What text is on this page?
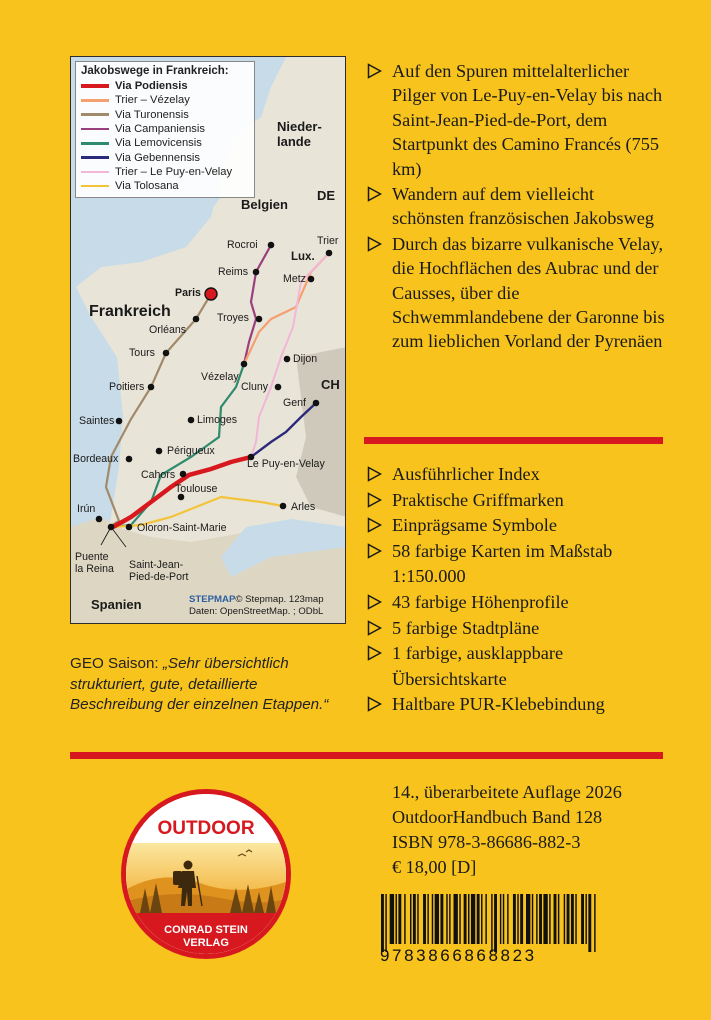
Jakobswege in Frankreich:
Via Podiensis
Trier – Vézelay
Via Turonensis
Via Campaniensis
Via Lemovicensis
Via Gebennensis
Trier – Le Puy-en-Velay
Via Tolosana
Nieder-
lande
DE
Belgien
Lux.
Frankreich
CH
Spanien
Rocroi	Trier
Reims
Metz
Paris
Troyes
Orléans
Tours
Vézelay
Dijon
Poitiers	Cluny
Saintes	Limoges
Genf
Périgueux
Bordeaux
Cahors
Le Puy-en-Velay
Toulouse
Arles
Irún
Oloron-Saint-Marie
Puente
la Reina Saint-Jean-
Pied-de-Port
STEPMAP© Stepmap. 123map
Daten: OpenStreetMap. ; ODbL
Auf den Spuren mittelalterlicher Pilger von Le-Puy-en-Velay bis nach Saint-Jean-Pied-de-Port, dem Startpunkt des Camino Francés (755 km)
Wandern auf dem vielleicht schönsten französischen Jakobsweg
Durch das bizarre vulkanische Velay, die Hochflächen des Aubrac und der Causses, über die Schwemmlandebene der Garonne bis zum lieblichen Vorland der Pyrenäen
Ausführlicher Index
Praktische Griffmarken
Einprägsame Symbole
58 farbige Karten im Maßstab 1:150.000
43 farbige Höhenprofile
5 farbige Stadtpläne
1 farbige, ausklappbare Übersichtskarte
Haltbare PUR-Klebebindung
GEO Saison: „Sehr übersichtlich strukturiert, gute, detaillierte Beschreibung der einzelnen Etappen.“
14., überarbeitete Auflage 2026
OutdoorHandbuch Band 128
ISBN 978-3-86686-882-3
€ 18,00 [D]
OUTDOOR
CONRAD STEIN
VERLAG
9783866868823
